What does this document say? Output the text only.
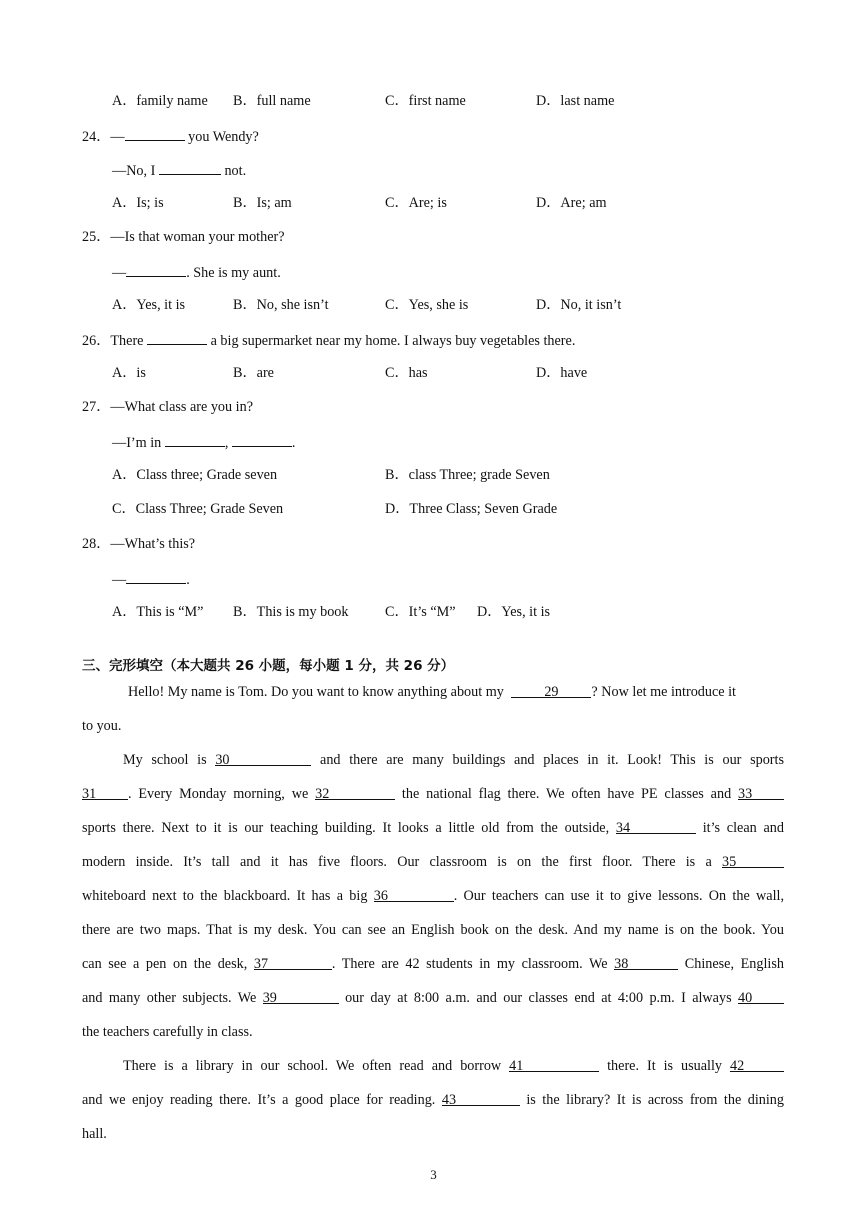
A．family name B．full name	C．first name	D．last name
24．—	you Wendy?
—No, I	not.
A．Is; is	B．Is; am	C．Are; is	D．Are; am
25．—Is that woman your mother?
—	. She is my aunt.
A．Yes, it is	B．No, she isn’t	C．Yes, she is	D．No, it isn’t
26．There	a big supermarket near my home. I always buy vegetables there.
A．is	B．are	C．has	D．have
27．—What class are you in?
—I’m in	,	.
A．Class three; Grade seven	B．class Three; grade Seven
C．Class Three; Grade Seven	D．Three Class; Seven Grade
28．—What’s this?
—	.
A．This is “M” B．This is my book	C．It’s “M” D．Yes, it is
三、完形填空（本大题共 26 小题，每小题 1 分，共 26 分）
Hello! My name is Tom. Do you want to know anything about my	29 ? Now let me introduce it
to you.
My school is 30	and there are many buildings and places in it. Look! This is our sports
31 . Every Monday morning, we 32	the national flag there. We often have PE classes and 33
sports there. Next to it is our teaching building. It looks a little old from the outside, 34	it’s clean and
modern inside. It’s tall and it has five floors. Our classroom is on the first floor. There is a 35
whiteboard next to the blackboard. It has a big 36	. Our teachers can use it to give lessons. On the wall,
there are two maps. That is my desk. You can see an English book on the desk. And my name is on the book. You
can see a pen on the desk, 37	. There are 42 students in my classroom. We 38	Chinese, English
and many other subjects. We 39	our day at 8:00 a.m. and our classes end at 4:00 p.m. I always 40
the teachers carefully in class.
There is a library in our school. We often read and borrow 41	there. It is usually 42
and we enjoy reading there. It’s a good place for reading. 43	is the library? It is across from the dining
hall.
3
